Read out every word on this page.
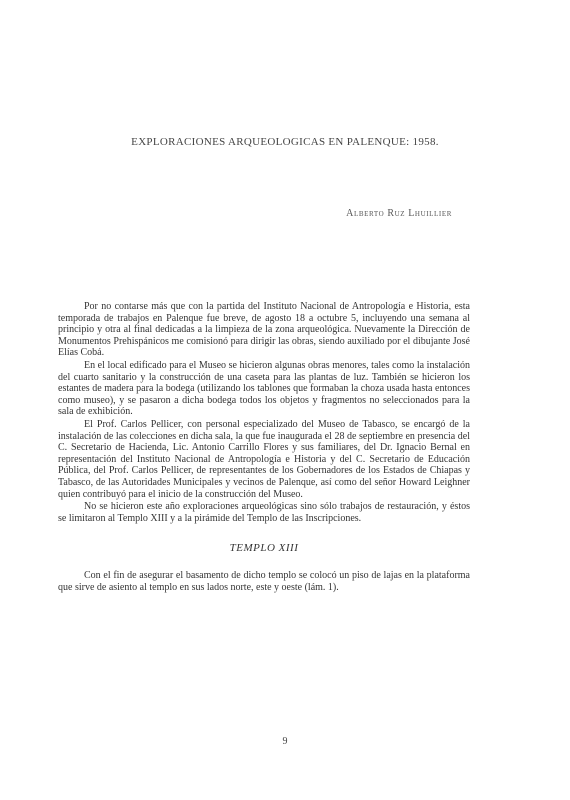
EXPLORACIONES ARQUEOLOGICAS EN PALENQUE: 1958.
Alberto Ruz Lhuillier

Por no contarse más que con la partida del Instituto Nacional de Antropología e Historia, esta temporada de trabajos en Palenque fue breve, de agosto 18 a octubre 5, incluyendo una semana al principio y otra al final dedicadas a la limpieza de la zona arqueológica. Nuevamente la Dirección de Monumentos Prehispánicos me comisionó para dirigir las obras, siendo auxiliado por el dibujante José Elías Cobá.

En el local edificado para el Museo se hicieron algunas obras menores, tales como la instalación del cuarto sanitario y la construcción de una caseta para las plantas de luz. También se hicieron los estantes de madera para la bodega (utilizando los tablones que formaban la choza usada hasta entonces como museo), y se pasaron a dicha bodega todos los objetos y fragmentos no seleccionados para la sala de exhibición.

El Prof. Carlos Pellicer, con personal especializado del Museo de Tabasco, se encargó de la instalación de las colecciones en dicha sala, la que fue inaugurada el 28 de septiembre en presencia del C. Secretario de Hacienda, Lic. Antonio Carrillo Flores y sus familiares, del Dr. Ignacio Bernal en representación del Instituto Nacional de Antropología e Historia y del C. Secretario de Educación Pública, del Prof. Carlos Pellicer, de representantes de los Gobernadores de los Estados de Chiapas y Tabasco, de las Autoridades Municipales y vecinos de Palenque, así como del señor Howard Leighner quien contribuyó para el inicio de la construcción del Museo.

No se hicieron este año exploraciones arqueológicas sino sólo trabajos de restauración, y éstos se limitaron al Templo XIII y a la pirámide del Templo de las Inscripciones.

TEMPLO XIII

Con el fin de asegurar el basamento de dicho templo se colocó un piso de lajas en la plataforma que sirve de asiento al templo en sus lados norte, este y oeste (lám. 1).

9
